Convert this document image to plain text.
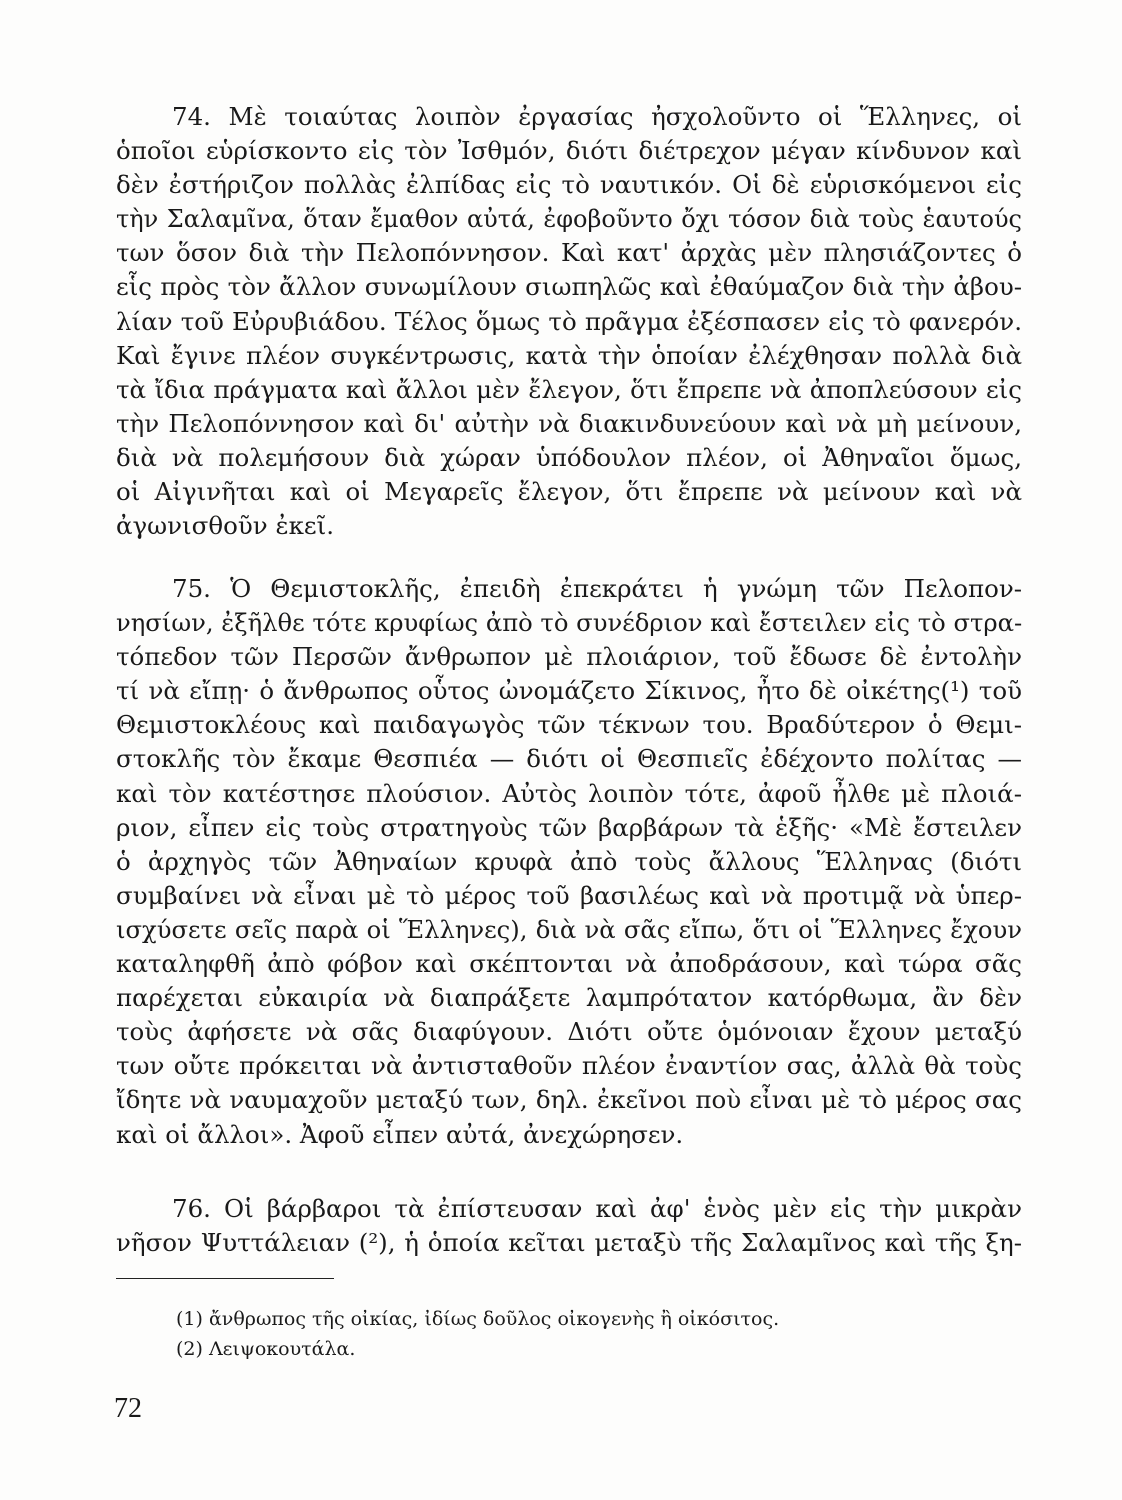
74. Μὲ τοιαύτας λοιπὸν ἐργασίας ἠσχολοῦντο οἱ Ἕλληνες, οἱ
ὁποῖοι εὑρίσκοντο εἰς τὸν Ἰσθμόν, διότι διέτρεχον μέγαν κίνδυνον καὶ
δὲν ἐστήριζον πολλὰς ἐλπίδας εἰς τὸ ναυτικόν. Οἱ δὲ εὑρισκόμενοι εἰς
τὴν Σαλαμῖνα, ὅταν ἔμαθον αὐτά, ἐφοβοῦντο ὄχι τόσον διὰ τοὺς ἑαυτούς
των ὅσον διὰ τὴν Πελοπόννησον. Καὶ κατ' ἀρχὰς μὲν πλησιάζοντες ὁ
εἷς πρὸς τὸν ἄλλον συνωμίλουν σιωπηλῶς καὶ ἐθαύμαζον διὰ τὴν ἀβου-
λίαν τοῦ Εὐρυβιάδου. Τέλος ὅμως τὸ πρᾶγμα ἐξέσπασεν εἰς τὸ φανερόν.
Καὶ ἔγινε πλέον συγκέντρωσις, κατὰ τὴν ὁποίαν ἐλέχθησαν πολλὰ διὰ
τὰ ἴδια πράγματα καὶ ἄλλοι μὲν ἔλεγον, ὅτι ἔπρεπε νὰ ἀποπλεύσουν εἰς
τὴν Πελοπόννησον καὶ δι' αὐτὴν νὰ διακινδυνεύουν καὶ νὰ μὴ μείνουν,
διὰ νὰ πολεμήσουν διὰ χώραν ὑπόδουλον πλέον, οἱ Ἀθηναῖοι ὅμως,
οἱ Αἰγινῆται καὶ οἱ Μεγαρεῖς ἔλεγον, ὅτι ἔπρεπε νὰ μείνουν καὶ νὰ
ἀγωνισθοῦν ἐκεῖ.
75. Ὁ Θεμιστοκλῆς, ἐπειδὴ ἐπεκράτει ἡ γνώμη τῶν Πελοπον-
νησίων, ἐξῆλθε τότε κρυφίως ἀπὸ τὸ συνέδριον καὶ ἔστειλεν εἰς τὸ στρα-
τόπεδον τῶν Περσῶν ἄνθρωπον μὲ πλοιάριον, τοῦ ἔδωσε δὲ ἐντολὴν
τί νὰ εἴπῃ· ὁ ἄνθρωπος οὗτος ὠνομάζετο Σίκινος, ἦτο δὲ οἰκέτης(¹) τοῦ
Θεμιστοκλέους καὶ παιδαγωγὸς τῶν τέκνων του. Βραδύτερον ὁ Θεμι-
στοκλῆς τὸν ἔκαμε Θεσπιέα — διότι οἱ Θεσπιεῖς ἐδέχοντο πολίτας —
καὶ τὸν κατέστησε πλούσιον. Αὐτὸς λοιπὸν τότε, ἀφοῦ ἦλθε μὲ πλοιά-
ριον, εἶπεν εἰς τοὺς στρατηγοὺς τῶν βαρβάρων τὰ ἑξῆς· «Μὲ ἔστειλεν
ὁ ἀρχηγὸς τῶν Ἀθηναίων κρυφὰ ἀπὸ τοὺς ἄλλους Ἕλληνας (διότι
συμβαίνει νὰ εἶναι μὲ τὸ μέρος τοῦ βασιλέως καὶ νὰ προτιμᾷ νὰ ὑπερ-
ισχύσετε σεῖς παρὰ οἱ Ἕλληνες), διὰ νὰ σᾶς εἴπω, ὅτι οἱ Ἕλληνες ἔχουν
καταληφθῆ ἀπὸ φόβον καὶ σκέπτονται νὰ ἀποδράσουν, καὶ τώρα σᾶς
παρέχεται εὐκαιρία νὰ διαπράξετε λαμπρότατον κατόρθωμα, ἂν δὲν
τοὺς ἀφήσετε νὰ σᾶς διαφύγουν. Διότι οὔτε ὁμόνοιαν ἔχουν μεταξύ
των οὔτε πρόκειται νὰ ἀντισταθοῦν πλέον ἐναντίον σας, ἀλλὰ θὰ τοὺς
ἴδητε νὰ ναυμαχοῦν μεταξύ των, δηλ. ἐκεῖνοι ποὺ εἶναι μὲ τὸ μέρος σας
καὶ οἱ ἄλλοι». Ἀφοῦ εἶπεν αὐτά, ἀνεχώρησεν.
76. Οἱ βάρβαροι τὰ ἐπίστευσαν καὶ ἀφ' ἑνὸς μὲν εἰς τὴν μικρὰν
νῆσον Ψυττάλειαν (²), ἡ ὁποία κεῖται μεταξὺ τῆς Σαλαμῖνος καὶ τῆς ξη-
(1) ἄνθρωπος τῆς οἰκίας, ἰδίως δοῦλος οἰκογενὴς ἢ οἰκόσιτος.
(2) Λειψοκουτάλα.
72
